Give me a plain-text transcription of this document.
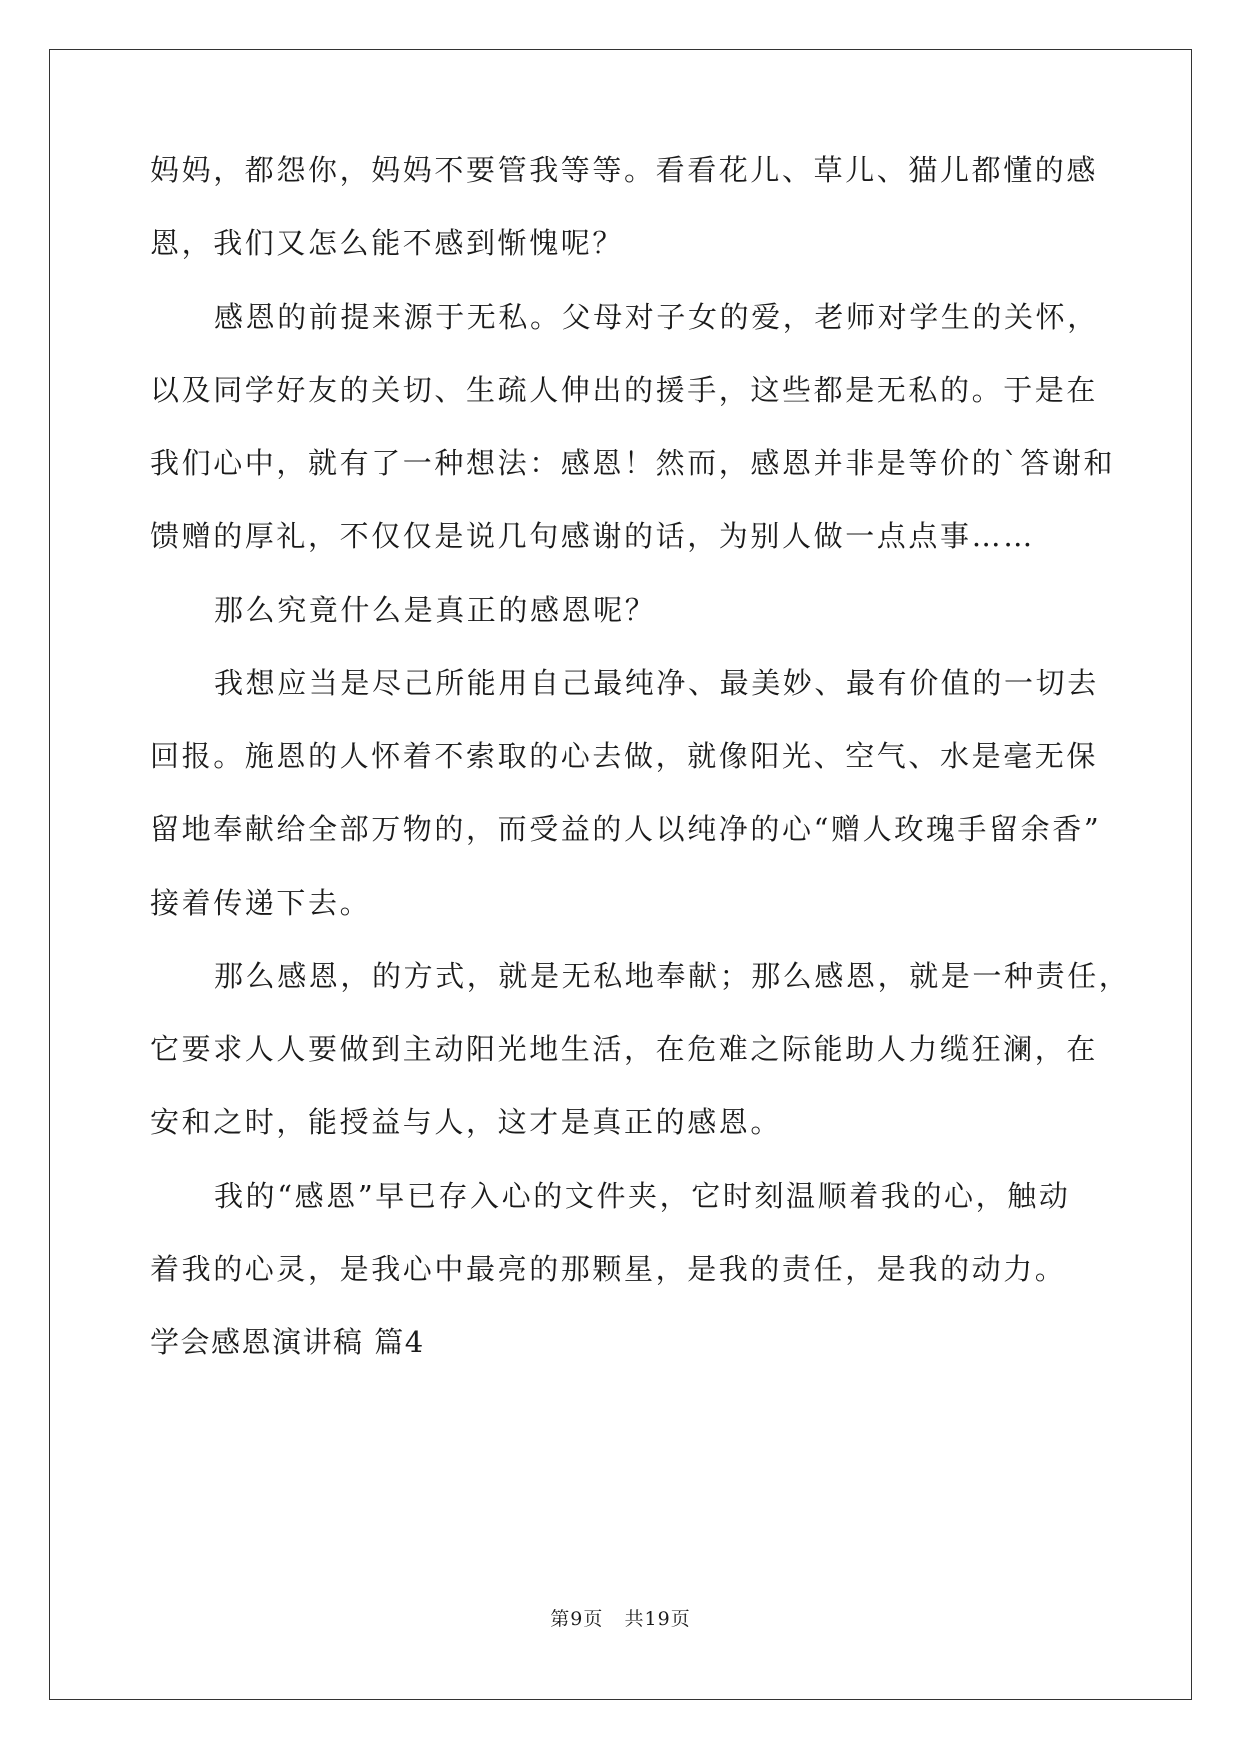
妈妈，都怨你，妈妈不要管我等等。看看花儿、草儿、猫儿都懂的感
恩，我们又怎么能不感到惭愧呢？
感恩的前提来源于无私。父母对子女的爱，老师对学生的关怀，
以及同学好友的关切、生疏人伸出的援手，这些都是无私的。于是在
我们心中，就有了一种想法：感恩！然而，感恩并非是等价的`答谢和
馈赠的厚礼，不仅仅是说几句感谢的话，为别人做一点点事……
那么究竟什么是真正的感恩呢？
我想应当是尽己所能用自己最纯净、最美妙、最有价值的一切去
回报。施恩的人怀着不索取的心去做，就像阳光、空气、水是毫无保
留地奉献给全部万物的，而受益的人以纯净的心“赠人玫瑰手留余香”
接着传递下去。
那么感恩，的方式，就是无私地奉献；那么感恩，就是一种责任，
它要求人人要做到主动阳光地生活，在危难之际能助人力缆狂澜，在
安和之时，能授益与人，这才是真正的感恩。
我的“感恩”早已存入心的文件夹，它时刻温顺着我的心，触动
着我的心灵，是我心中最亮的那颗星，是我的责任，是我的动力。
学会感恩演讲稿 篇4
第9页 共19页
